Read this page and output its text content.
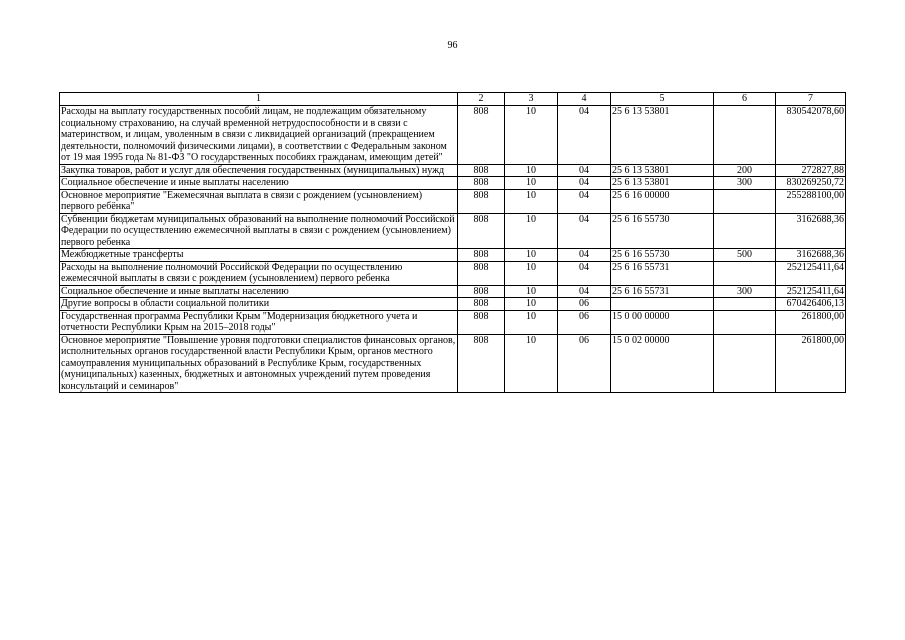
96
1	2	3	4	5	6	7
Расходы на выплату государственных пособий лицам, не подлежащим обязательному социальному страхованию, на случай временной нетрудоспособности и в связи с материнством, и лицам, уволенным в связи с ликвидацией организаций (прекращением деятельности, полномочий физическими лицами), в соответствии с Федеральным законом от 19 мая 1995 года № 81-ФЗ "О государственных пособиях гражданам, имеющим детей"	808	10	04	25 6 13 53801		830542078,60
Закупка товаров, работ и услуг для обеспечения государственных (муниципальных) нужд	808	10	04	25 6 13 53801	200	272827,88
Социальное обеспечение и иные выплаты населению	808	10	04	25 6 13 53801	300	830269250,72
Основное мероприятие "Ежемесячная выплата в связи с рождением (усыновлением) первого ребёнка"	808	10	04	25 6 16 00000		255288100,00
Субвенции бюджетам муниципальных образований на выполнение полномочий Российской Федерации по осуществлению ежемесячной выплаты в связи с рождением (усыновлением) первого ребенка	808	10	04	25 6 16 55730		3162688,36
Межбюджетные трансферты	808	10	04	25 6 16 55730	500	3162688,36
Расходы на выполнение полномочий Российской Федерации по осуществлению ежемесячной выплаты в связи с рождением (усыновлением) первого ребенка	808	10	04	25 6 16 55731		252125411,64
Социальное обеспечение и иные выплаты населению	808	10	04	25 6 16 55731	300	252125411,64
Другие вопросы в области социальной политики	808	10	06			670426406,13
Государственная программа Республики Крым "Модернизация бюджетного учета и отчетности Республики Крым на 2015–2018 годы"	808	10	06	15 0 00 00000		261800,00
Основное мероприятие "Повышение уровня подготовки специалистов финансовых органов, исполнительных органов государственной власти Республики Крым, органов местного самоуправления муниципальных образований в Республике Крым, государственных (муниципальных) казенных, бюджетных и автономных учреждений путем проведения консультаций и семинаров"	808	10	06	15 0 02 00000		261800,00
